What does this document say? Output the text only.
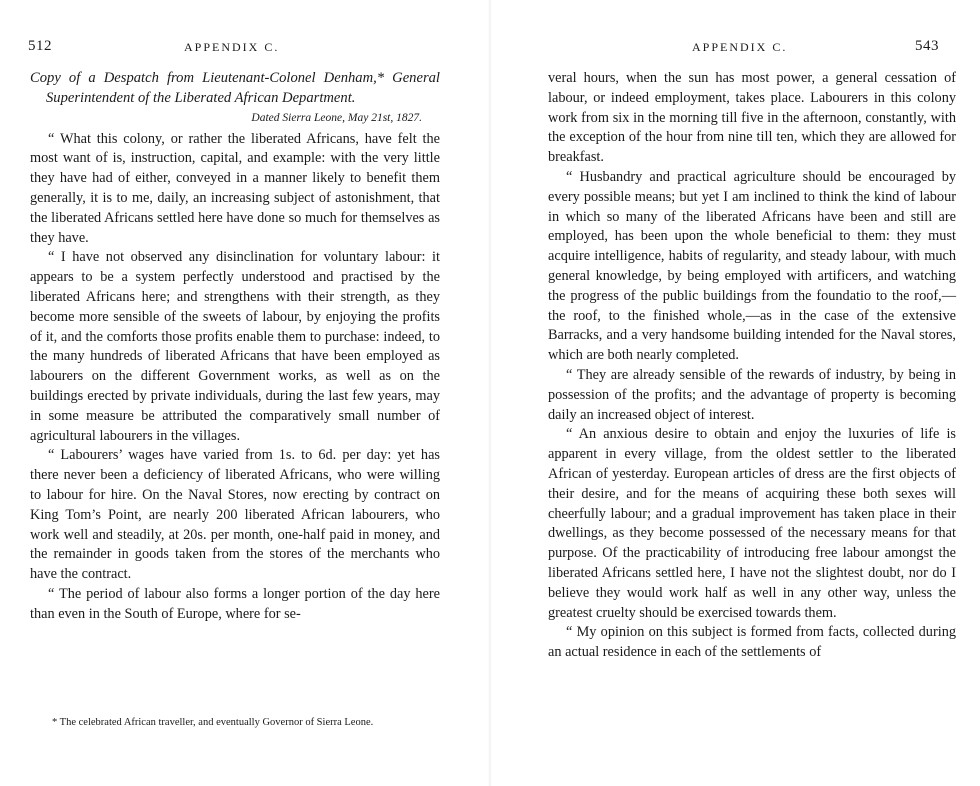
512	APPENDIX C.

Copy of a Despatch from Lieutenant-Colonel Denham,* General Superintendent of the Liberated African Department.

Dated Sierra Leone, May 21st, 1827.

“ What this colony, or rather the liberated Africans, have felt the most want of is, instruction, capital, and example: with the very little they have had of either, conveyed in a manner likely to benefit them generally, it is to me, daily, an increasing subject of astonishment, that the liberated Africans settled here have done so much for themselves as they have.

“ I have not observed any disinclination for voluntary labour: it appears to be a system perfectly understood and practised by the liberated Africans here; and strengthens with their strength, as they become more sensible of the sweets of labour, by enjoying the profits of it, and the comforts those profits enable them to purchase: indeed, to the many hundreds of liberated Africans that have been employed as labourers on the different Government works, as well as on the buildings erected by private individuals, during the last few years, may in some measure be attributed the comparatively small number of agricultural labourers in the villages.

“ Labourers’ wages have varied from 1s. to 6d. per day: yet has there never been a deficiency of liberated Africans, who were willing to labour for hire. On the Naval Stores, now erecting by contract on King Tom’s Point, are nearly 200 liberated African labourers, who work well and steadily, at 20s. per month, one-half paid in money, and the remainder in goods taken from the stores of the merchants who have the contract.

“ The period of labour also forms a longer portion of the day here than even in the South of Europe, where for se-

* The celebrated African traveller, and eventually Governor of Sierra Leone.

APPENDIX C.	543

veral hours, when the sun has most power, a general cessation of labour, or indeed employment, takes place. Labourers in this colony work from six in the morning till five in the afternoon, constantly, with the exception of the hour from nine till ten, which they are allowed for breakfast.

“ Husbandry and practical agriculture should be encouraged by every possible means; but yet I am inclined to think the kind of labour in which so many of the liberated Africans have been and still are employed, has been upon the whole beneficial to them: they must acquire intelligence, habits of regularity, and steady labour, with much general knowledge, by being employed with artificers, and watching the progress of the public buildings from the foundatio to the roof,—the roof, to the finished whole,—as in the case of the extensive Barracks, and a very handsome building intended for the Naval stores, which are both nearly completed.

“ They are already sensible of the rewards of industry, by being in possession of the profits; and the advantage of property is becoming daily an increased object of interest.

“ An anxious desire to obtain and enjoy the luxuries of life is apparent in every village, from the oldest settler to the liberated African of yesterday. European articles of dress are the first objects of their desire, and for the means of acquiring these both sexes will cheerfully labour; and a gradual improvement has taken place in their dwellings, as they become possessed of the necessary means for that purpose. Of the practicability of introducing free labour amongst the liberated Africans settled here, I have not the slightest doubt, nor do I believe they would work half as well in any other way, unless the greatest cruelty should be exercised towards them.

“ My opinion on this subject is formed from facts, collected during an actual residence in each of the settlements of
